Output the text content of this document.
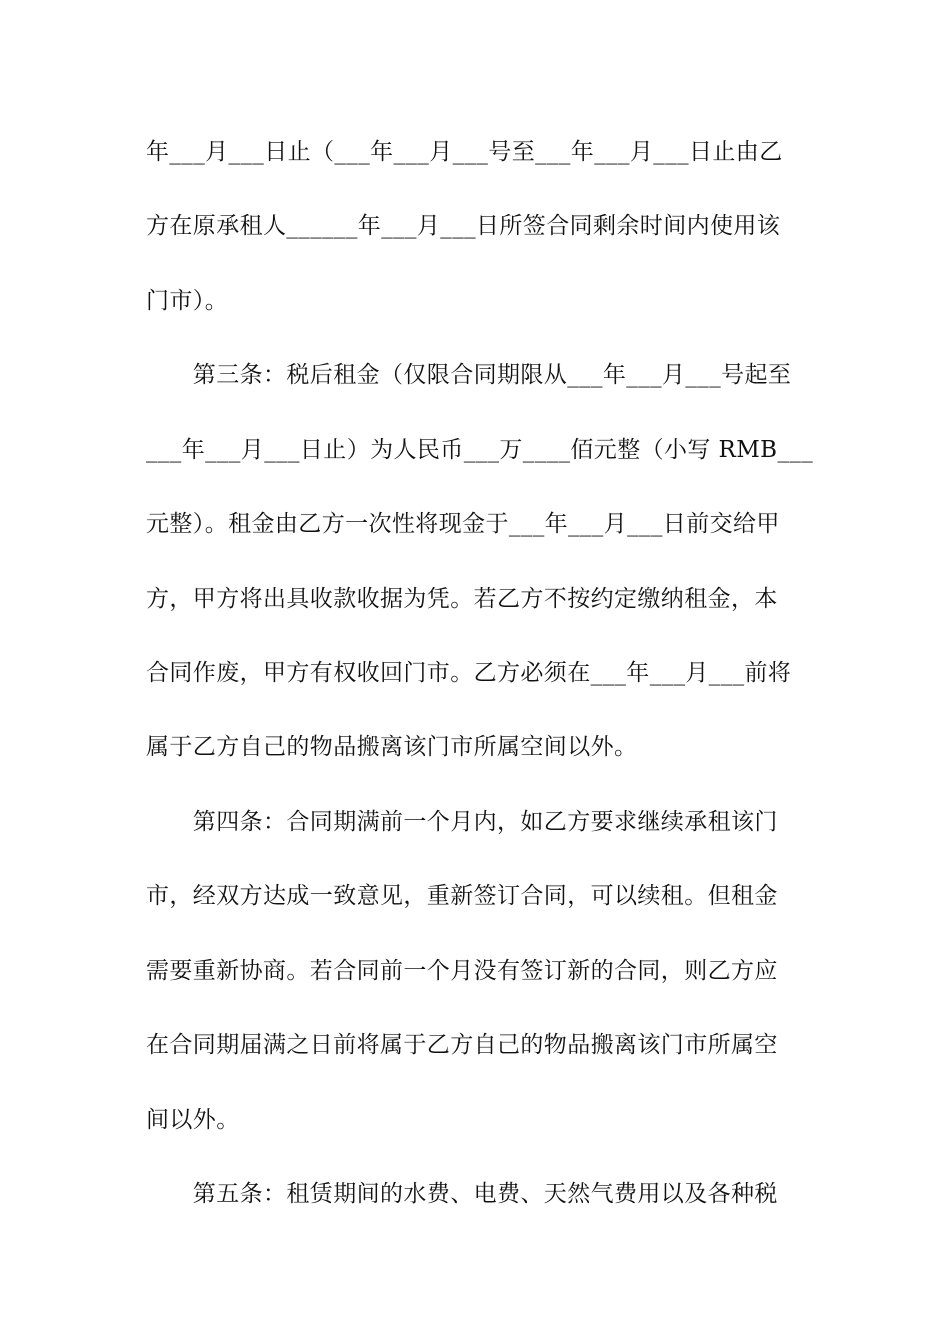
年___月___日止（___年___月___号至___年___月___日止由乙
方在原承租人______年___月___日所签合同剩余时间内使用该
门市）。
　　第三条：税后租金（仅限合同期限从___年___月___号起至
___年___月___日止）为人民币___万____佰元整（小写 RMB___
元整）。租金由乙方一次性将现金于___年___月___日前交给甲
方，甲方将出具收款收据为凭。若乙方不按约定缴纳租金，本
合同作废，甲方有权收回门市。乙方必须在___年___月___前将
属于乙方自己的物品搬离该门市所属空间以外。
　　第四条：合同期满前一个月内，如乙方要求继续承租该门
市，经双方达成一致意见，重新签订合同，可以续租。但租金
需要重新协商。若合同前一个月没有签订新的合同，则乙方应
在合同期届满之日前将属于乙方自己的物品搬离该门市所属空
间以外。
　　第五条：租赁期间的水费、电费、天然气费用以及各种税
